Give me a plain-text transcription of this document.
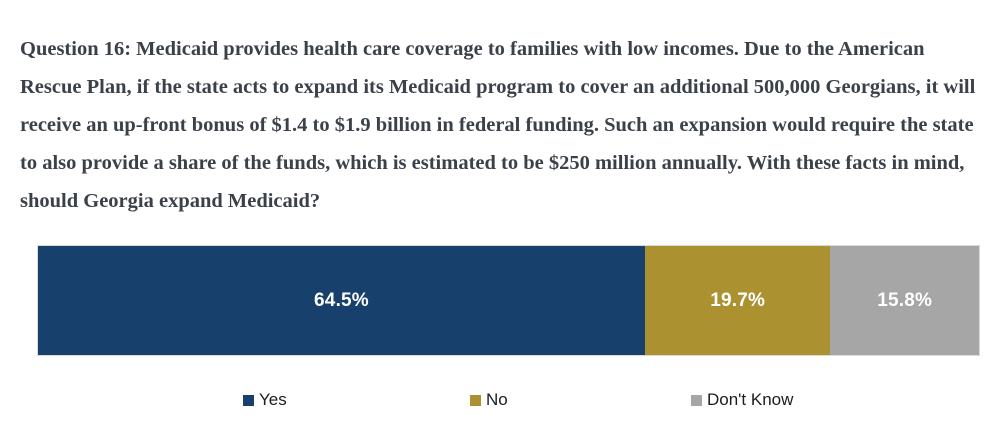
Question 16: Medicaid provides health care coverage to families with low incomes. Due to the American Rescue Plan, if the state acts to expand its Medicaid program to cover an additional 500,000 Georgians, it will receive an up-front bonus of $1.4 to $1.9 billion in federal funding. Such an expansion would require the state to also provide a share of the funds, which is estimated to be $250 million annually. With these facts in mind, should Georgia expand Medicaid?

64.5%	19.7%	15.8%
Yes	No	Don't Know
